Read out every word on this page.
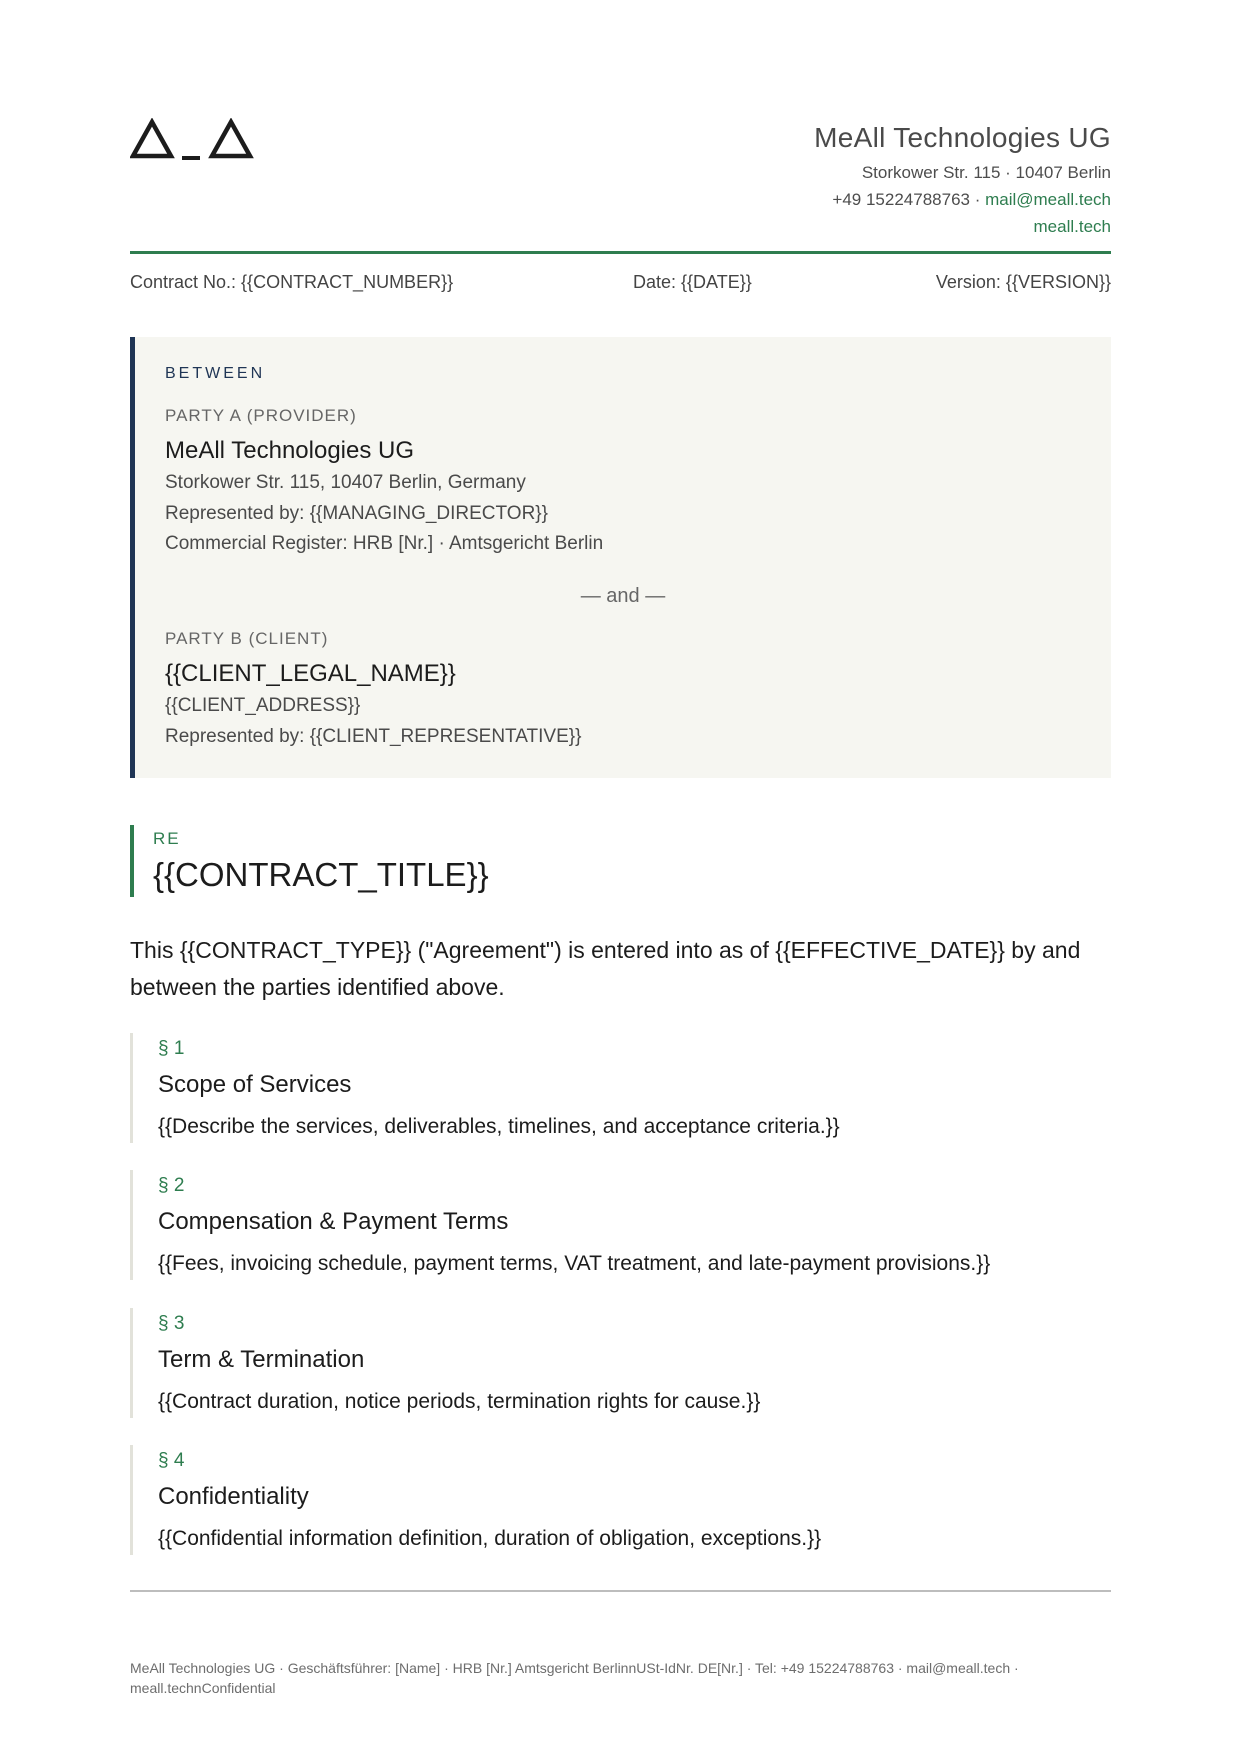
MeAll Technologies UG
Storkower Str. 115 · 10407 Berlin
+49 15224788763 · mail@meall.tech
meall.tech
Contract No.: {{CONTRACT_NUMBER}}	Date: {{DATE}}	Version: {{VERSION}}
BETWEEN
PARTY A (PROVIDER)
MeAll Technologies UG
Storkower Str. 115, 10407 Berlin, Germany
Represented by: {{MANAGING_DIRECTOR}}
Commercial Register: HRB [Nr.] · Amtsgericht Berlin
— and —
PARTY B (CLIENT)
{{CLIENT_LEGAL_NAME}}
{{CLIENT_ADDRESS}}
Represented by: {{CLIENT_REPRESENTATIVE}}
RE
{{CONTRACT_TITLE}}
This {{CONTRACT_TYPE}} ("Agreement") is entered into as of {{EFFECTIVE_DATE}} by and between the parties identified above.
§ 1
Scope of Services
{{Describe the services, deliverables, timelines, and acceptance criteria.}}
§ 2
Compensation & Payment Terms
{{Fees, invoicing schedule, payment terms, VAT treatment, and late-payment provisions.}}
§ 3
Term & Termination
{{Contract duration, notice periods, termination rights for cause.}}
§ 4
Confidentiality
{{Confidential information definition, duration of obligation, exceptions.}}
MeAll Technologies UG · Geschäftsführer: [Name] · HRB [Nr.] Amtsgericht BerlinnUSt-IdNr. DE[Nr.] · Tel: +49 15224788763 · mail@meall.tech · meall.technConfidential
